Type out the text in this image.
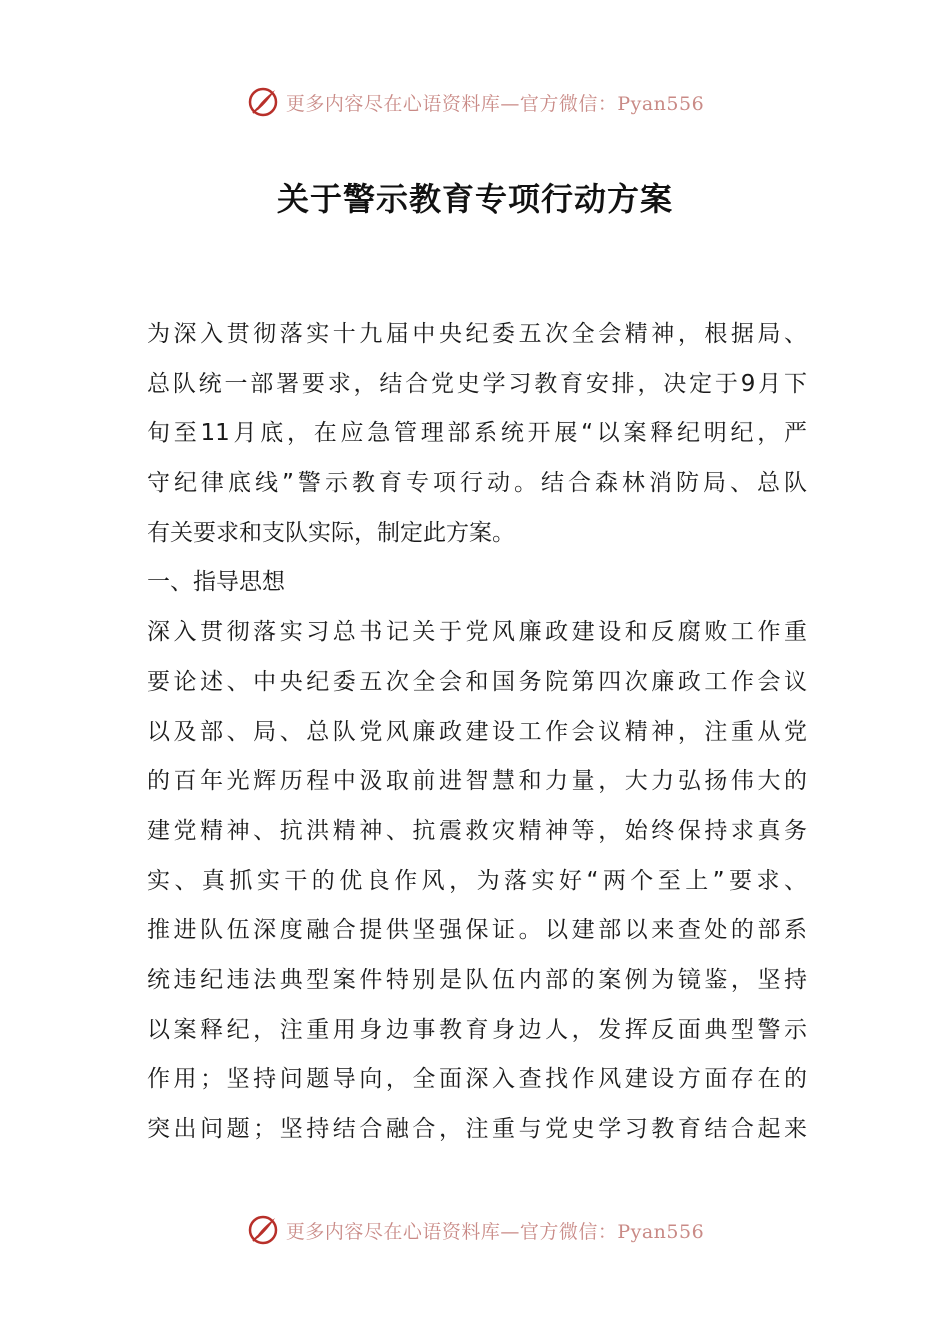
更多内容尽在心语资料库—官方微信：Pyan556
关于警示教育专项行动方案
为深入贯彻落实十九届中央纪委五次全会精神，根据局、
总队统一部署要求，结合党史学习教育安排，决定于9月下
旬至11月底，在应急管理部系统开展“以案释纪明纪，严
守纪律底线”警示教育专项行动。结合森林消防局、总队
有关要求和支队实际，制定此方案。
一、指导思想
深入贯彻落实习总书记关于党风廉政建设和反腐败工作重
要论述、中央纪委五次全会和国务院第四次廉政工作会议
以及部、局、总队党风廉政建设工作会议精神，注重从党
的百年光辉历程中汲取前进智慧和力量，大力弘扬伟大的
建党精神、抗洪精神、抗震救灾精神等，始终保持求真务
实、真抓实干的优良作风，为落实好“两个至上”要求、
推进队伍深度融合提供坚强保证。以建部以来查处的部系
统违纪违法典型案件特别是队伍内部的案例为镜鉴，坚持
以案释纪，注重用身边事教育身边人，发挥反面典型警示
作用；坚持问题导向，全面深入查找作风建设方面存在的
突出问题；坚持结合融合，注重与党史学习教育结合起来
更多内容尽在心语资料库—官方微信：Pyan556
